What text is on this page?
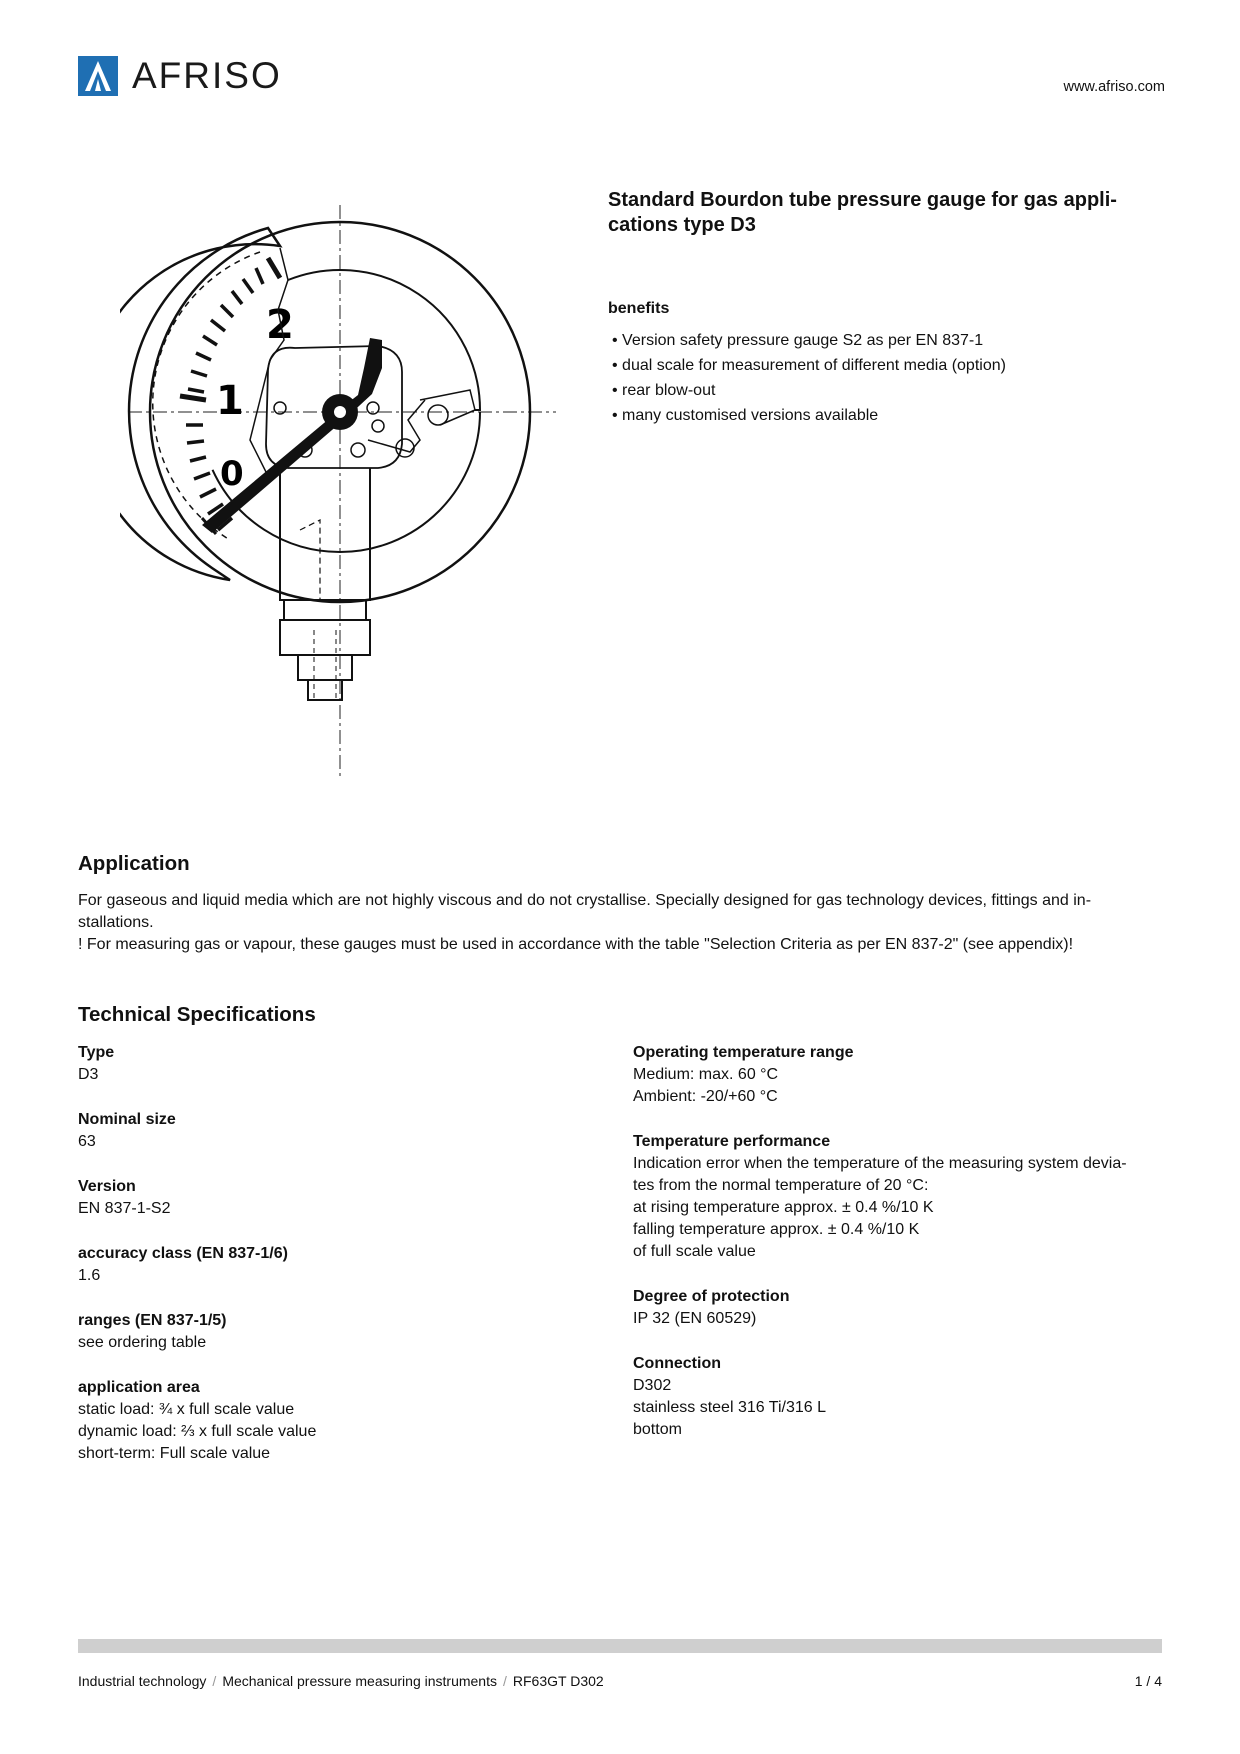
AFRISO	www.afriso.com
0
1
2
Standard Bourdon tube pressure gauge for gas appli-
cations type D3
benefits
• Version safety pressure gauge S2 as per EN 837-1
• dual scale for measurement of different media (option)
• rear blow-out
• many customised versions available
Application

For gaseous and liquid media which are not highly viscous and do not crystallise. Specially designed for gas technology devices, fittings and in-

stallations.

! For measuring gas or vapour, these gauges must be used in accordance with the table "Selection Criteria as per EN 837-2" (see appendix)!

Technical Specifications
Type
D3
Nominal size
63
Version
EN 837-1-S2
accuracy class (EN 837-1/6)
1.6
ranges (EN 837-1/5)
see ordering table
application area
static load: ¾ x full scale value
dynamic load: ⅔ x full scale value
short-term: Full scale value
Operating temperature range
Medium: max. 60 °C
Ambient: -20/+60 °C
Temperature performance
Indication error when the temperature of the measuring system devia-
tes from the normal temperature of 20 °C:
at rising temperature approx. ± 0.4 %/10 K
falling temperature approx. ± 0.4 %/10 K
of full scale value
Degree of protection
IP 32 (EN 60529)
Connection
D302
stainless steel 316 Ti/316 L
bottom
Industrial technology / Mechanical pressure measuring instruments / RF63GT D302	1 / 4
